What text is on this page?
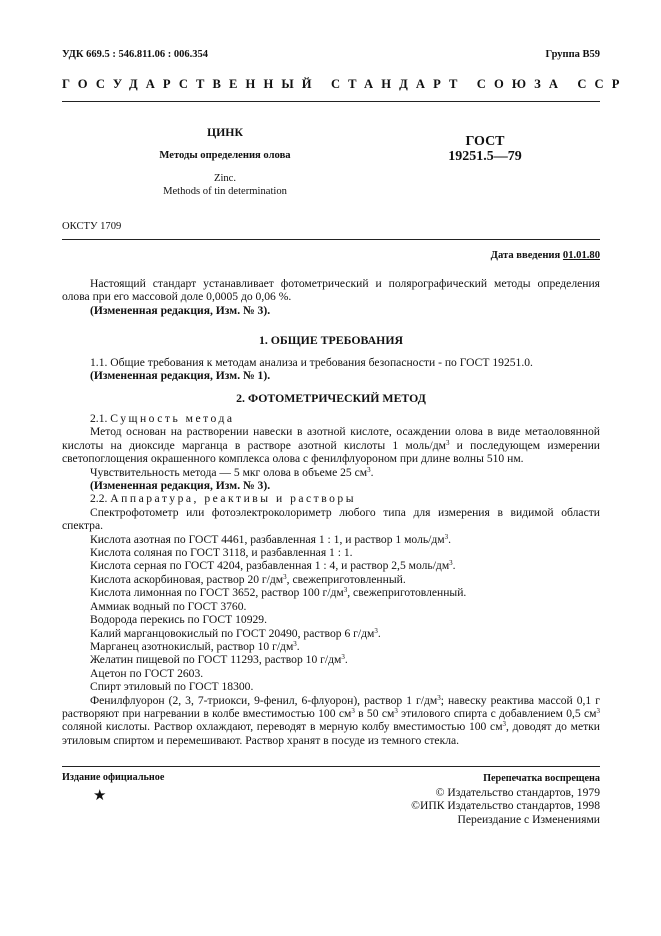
УДК 669.5 : 546.811.06 : 006.354	Группа В59
ГОСУДАРСТВЕННЫЙ СТАНДАРТ СОЮЗА ССР
ЦИНК
Методы определения олова
Zinc.
Methods of tin determination
ГОСТ
19251.5—79
ОКСТУ 1709
Дата введения 01.01.80

Настоящий стандарт устанавливает фотометрический и полярографический методы определения олова при его массовой доле 0,0005 до 0,06 %.

(Измененная редакция, Изм. № 3).

1. ОБЩИЕ ТРЕБОВАНИЯ

1.1. Общие требования к методам анализа и требования безопасности - по ГОСТ 19251.0.

(Измененная редакция, Изм. № 1).

2. ФОТОМЕТРИЧЕСКИЙ МЕТОД

2.1. Сущность метода

Метод основан на растворении навески в азотной кислоте, осаждении олова в виде метаоловянной кислоты на диоксиде марганца в растворе азотной кислоты 1 моль/$дм^3$ и последующем измерении светопоглощения окрашенного комплекса олова с фенилфлуороном при длине волны 510 нм.

Чувствительность метода — 5 мкг олова в объеме 25 $см^3$.

(Измененная редакция, Изм. № 3).

2.2. Аппаратура, реактивы и растворы

Спектрофотометр или фотоэлектроколориметр любого типа для измерения в видимой области спектра.

Кислота азотная по ГОСТ 4461, разбавленная 1 : 1, и раствор 1 моль/$дм^3$.

Кислота соляная по ГОСТ 3118, и разбавленная 1 : 1.

Кислота серная по ГОСТ 4204, разбавленная 1 : 4, и раствор 2,5 моль/$дм^3$.

Кислота аскорбиновая, раствор 20 $г/дм^3$, свежеприготовленный.

Кислота лимонная по ГОСТ 3652, раствор 100 $г/дм^3$, свежеприготовленный.

Аммиак водный по ГОСТ 3760.

Водорода перекись по ГОСТ 10929.

Калий марганцовокислый по ГОСТ 20490, раствор 6 $г/дм^3$.

Марганец азотнокислый, раствор 10 $г/дм^3$.

Желатин пищевой по ГОСТ 11293, раствор 10 $г/дм^3$.

Ацетон по ГОСТ 2603.

Спирт этиловый по ГОСТ 18300.

Фенилфлуорон (2, 3, 7-триокси, 9-фенил, 6-флуорон), раствор 1 $г/дм^3$; навеску реактива массой 0,1 г растворяют при нагревании в колбе вместимостью 100 $см^3$ в 50 $см^3$ этилового спирта с добавлением 0,5 $см^3$ соляной кислоты. Раствор охлаждают, переводят в мерную колбу вместимостью 100 $см^3$, доводят до метки этиловым спиртом и перемешивают. Раствор хранят в посуде из темного стекла.

Издание официальное
★
Перепечатка воспрещена
© Издательство стандартов, 1979
©ИПК Издательство стандартов, 1998
Переиздание с Изменениями
